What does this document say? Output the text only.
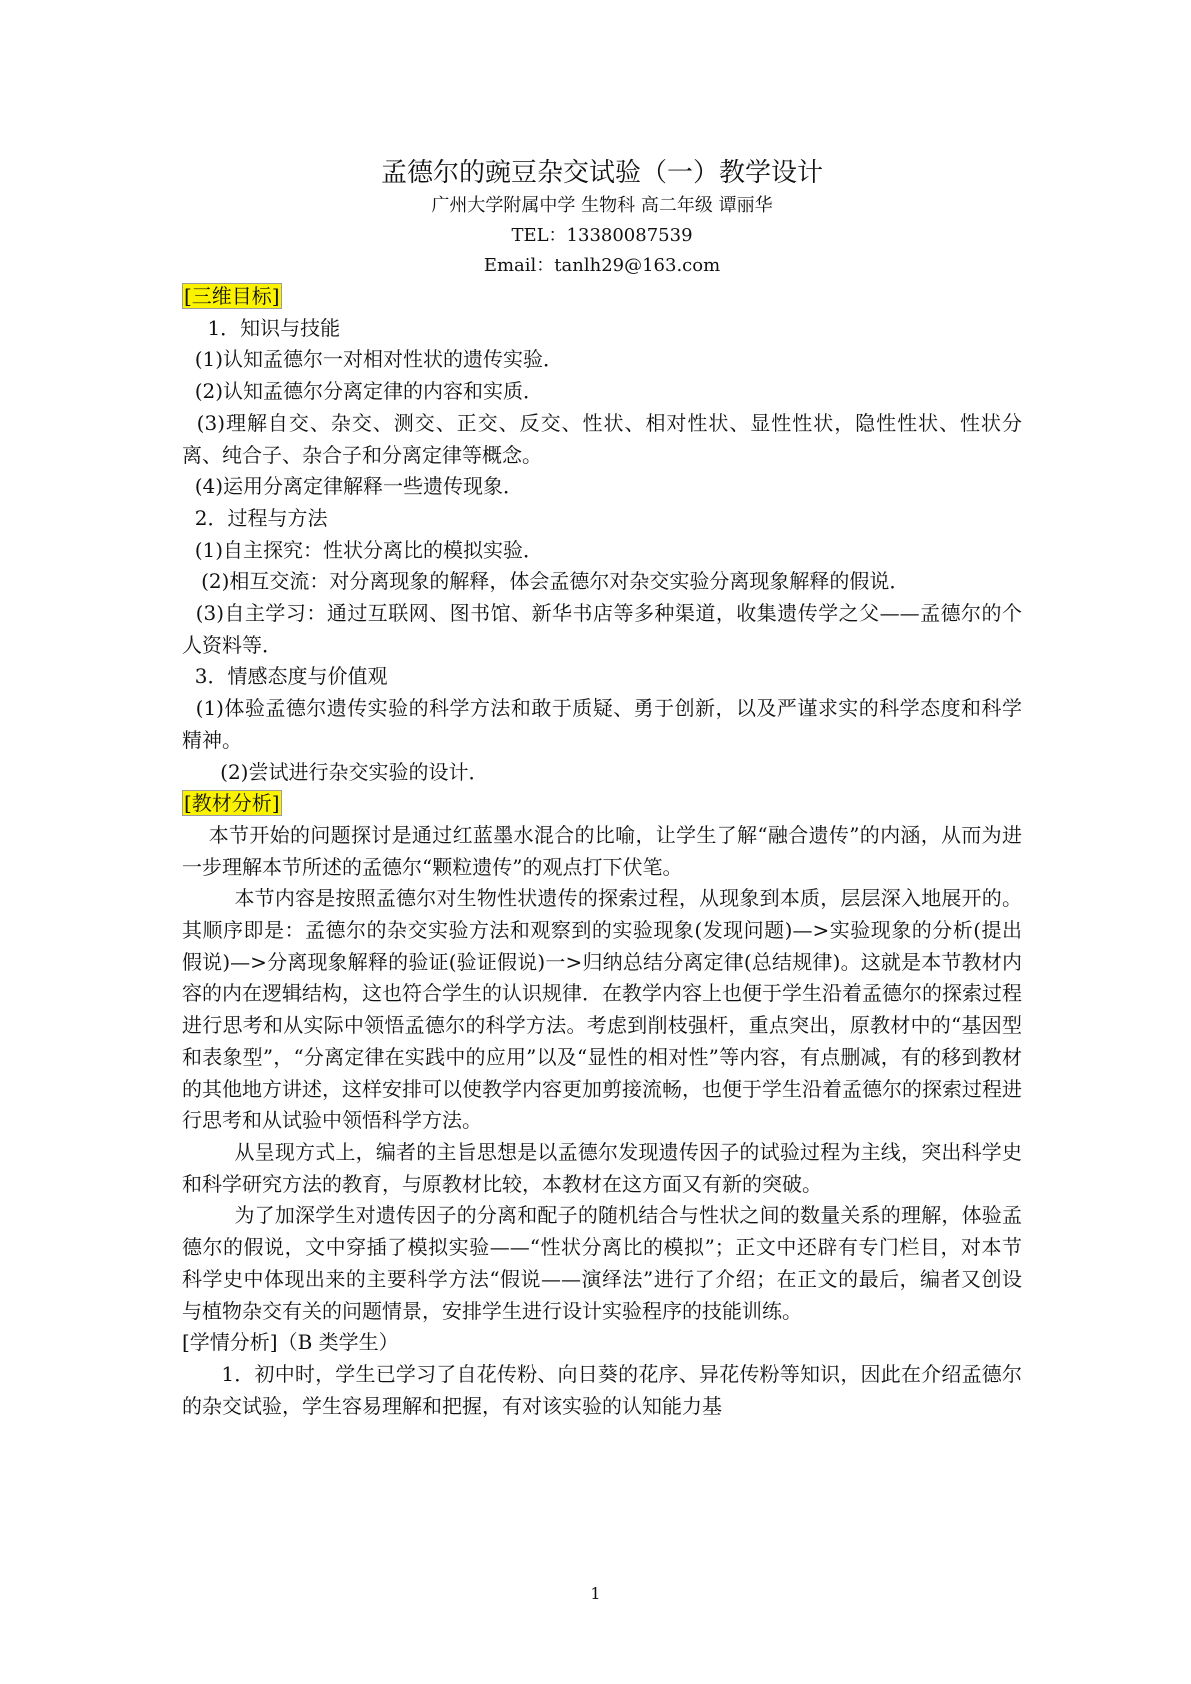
孟德尔的豌豆杂交试验（一）教学设计
广州大学附属中学 生物科 高二年级 谭丽华
TEL：13380087539
Email：tanlh29@163.com
[三维目标]

1．知识与技能

(1)认知孟德尔一对相对性状的遗传实验．

(2)认知孟德尔分离定律的内容和实质．

(3)理解自交、杂交、测交、正交、反交、性状、相对性状、显性性状，隐性性状、性状分离、纯合子、杂合子和分离定律等概念。

(4)运用分离定律解释一些遗传现象．

2．过程与方法

(1)自主探究：性状分离比的模拟实验．

(2)相互交流：对分离现象的解释，体会孟德尔对杂交实验分离现象解释的假说．

(3)自主学习：通过互联网、图书馆、新华书店等多种渠道，收集遗传学之父——孟德尔的个人资料等．

3．情感态度与价值观

(1)体验孟德尔遗传实验的科学方法和敢于质疑、勇于创新，以及严谨求实的科学态度和科学精神。

(2)尝试进行杂交实验的设计．

[教材分析]

本节开始的问题探讨是通过红蓝墨水混合的比喻，让学生了解“融合遗传”的内涵，从而为进一步理解本节所述的孟德尔“颗粒遗传”的观点打下伏笔。

本节内容是按照孟德尔对生物性状遗传的探索过程，从现象到本质，层层深入地展开的。其顺序即是：孟德尔的杂交实验方法和观察到的实验现象(发现问题)—>实验现象的分析(提出假说)—>分离现象解释的验证(验证假说)一>归纳总结分离定律(总结规律)。这就是本节教材内容的内在逻辑结构，这也符合学生的认识规律．在教学内容上也便于学生沿着孟德尔的探索过程进行思考和从实际中领悟孟德尔的科学方法。考虑到削枝强杆，重点突出，原教材中的“基因型和表象型”，“分离定律在实践中的应用”以及“显性的相对性”等内容，有点删减，有的移到教材的其他地方讲述，这样安排可以使教学内容更加剪接流畅，也便于学生沿着孟德尔的探索过程进行思考和从试验中领悟科学方法。

从呈现方式上，编者的主旨思想是以孟德尔发现遗传因子的试验过程为主线，突出科学史和科学研究方法的教育，与原教材比较，本教材在这方面又有新的突破。

为了加深学生对遗传因子的分离和配子的随机结合与性状之间的数量关系的理解，体验孟德尔的假说，文中穿插了模拟实验——“性状分离比的模拟”；正文中还辟有专门栏目，对本节科学史中体现出来的主要科学方法“假说——演绎法”进行了介绍；在正文的最后，编者又创设与植物杂交有关的问题情景，安排学生进行设计实验程序的技能训练。

[学情分析]（B 类学生）

1．初中时，学生已学习了自花传粉、向日葵的花序、异花传粉等知识，因此在介绍孟德尔的杂交试验，学生容易理解和把握，有对该实验的认知能力基

1
